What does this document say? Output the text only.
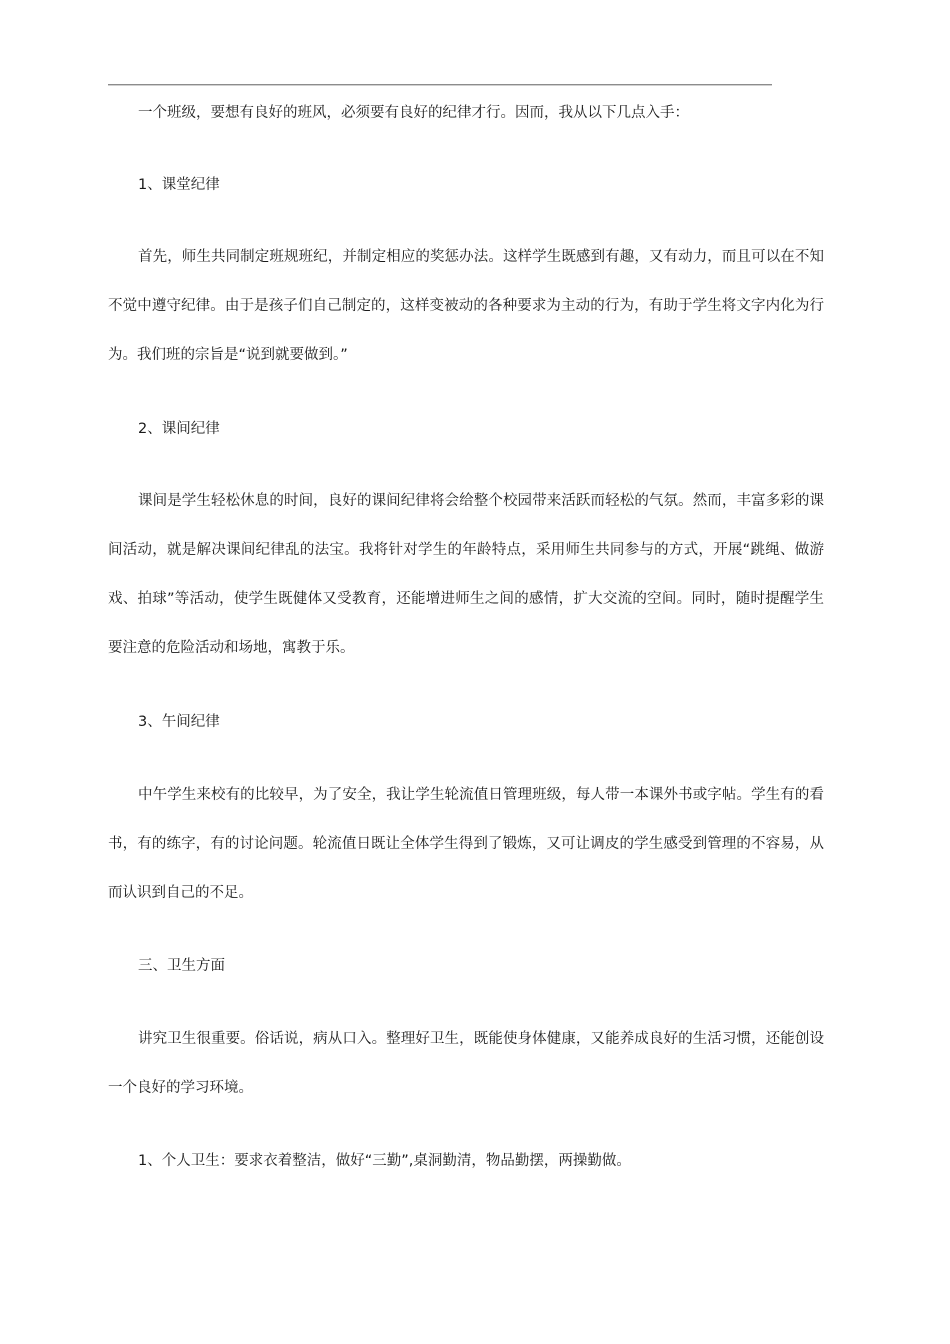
一个班级，要想有良好的班风，必须要有良好的纪律才行。因而，我从以下几点入手：

1、课堂纪律

首先，师生共同制定班规班纪，并制定相应的奖惩办法。这样学生既感到有趣，又有动力，而且可以在不知不觉中遵守纪律。由于是孩子们自己制定的，这样变被动的各种要求为主动的行为，有助于学生将文字内化为行为。我们班的宗旨是“说到就要做到。”

2、课间纪律

课间是学生轻松休息的时间，良好的课间纪律将会给整个校园带来活跃而轻松的气氛。然而，丰富多彩的课间活动，就是解决课间纪律乱的法宝。我将针对学生的年龄特点，采用师生共同参与的方式，开展“跳绳、做游戏、拍球”等活动，使学生既健体又受教育，还能增进师生之间的感情，扩大交流的空间。同时，随时提醒学生要注意的危险活动和场地，寓教于乐。

3、午间纪律

中午学生来校有的比较早，为了安全，我让学生轮流值日管理班级，每人带一本课外书或字帖。学生有的看书，有的练字，有的讨论问题。轮流值日既让全体学生得到了锻炼，又可让调皮的学生感受到管理的不容易，从而认识到自己的不足。

三、卫生方面

讲究卫生很重要。俗话说，病从口入。整理好卫生，既能使身体健康，又能养成良好的生活习惯，还能创设一个良好的学习环境。

1、个人卫生：要求衣着整洁，做好“三勤”,桌洞勤清，物品勤摆，两操勤做。
